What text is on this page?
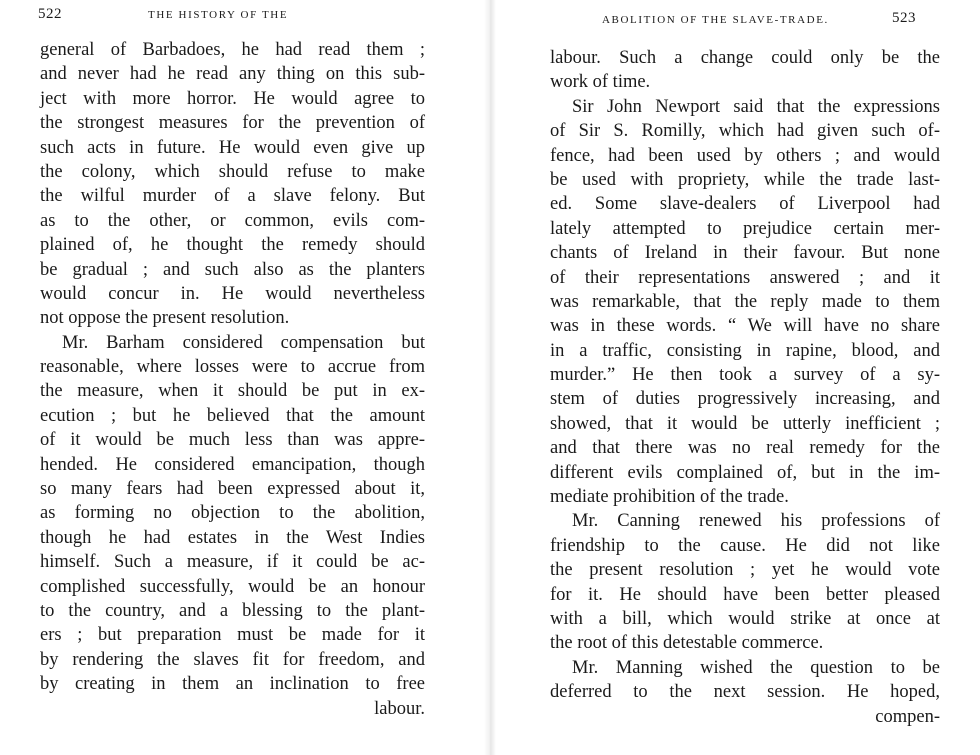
522	THE HISTORY OF THE
general of Barbadoes, he had read them ;
and never had he read any thing on this sub-
ject with more horror. He would agree to
the strongest measures for the prevention of
such acts in future. He would even give up
the colony, which should refuse to make
the wilful murder of a slave felony. But
as to the other, or common, evils com-
plained of, he thought the remedy should
be gradual ; and such also as the planters
would concur in. He would nevertheless
not oppose the present resolution.
Mr. Barham considered compensation but
reasonable, where losses were to accrue from
the measure, when it should be put in ex-
ecution ; but he believed that the amount
of it would be much less than was appre-
hended. He considered emancipation, though
so many fears had been expressed about it,
as forming no objection to the abolition,
though he had estates in the West Indies
himself. Such a measure, if it could be ac-
complished successfully, would be an honour
to the country, and a blessing to the plant-
ers ; but preparation must be made for it
by rendering the slaves fit for freedom, and
by creating in them an inclination to free
labour.
ABOLITION OF THE SLAVE-TRADE.	523
labour. Such a change could only be the
work of time.
Sir John Newport said that the expressions
of Sir S. Romilly, which had given such of-
fence, had been used by others ; and would
be used with propriety, while the trade last-
ed. Some slave-dealers of Liverpool had
lately attempted to prejudice certain mer-
chants of Ireland in their favour. But none
of their representations answered ; and it
was remarkable, that the reply made to them
was in these words. “ We will have no share
in a traffic, consisting in rapine, blood, and
murder.” He then took a survey of a sy-
stem of duties progressively increasing, and
showed, that it would be utterly inefficient ;
and that there was no real remedy for the
different evils complained of, but in the im-
mediate prohibition of the trade.
Mr. Canning renewed his professions of
friendship to the cause. He did not like
the present resolution ; yet he would vote
for it. He should have been better pleased
with a bill, which would strike at once at
the root of this detestable commerce.
Mr. Manning wished the question to be
deferred to the next session. He hoped,
compen-
